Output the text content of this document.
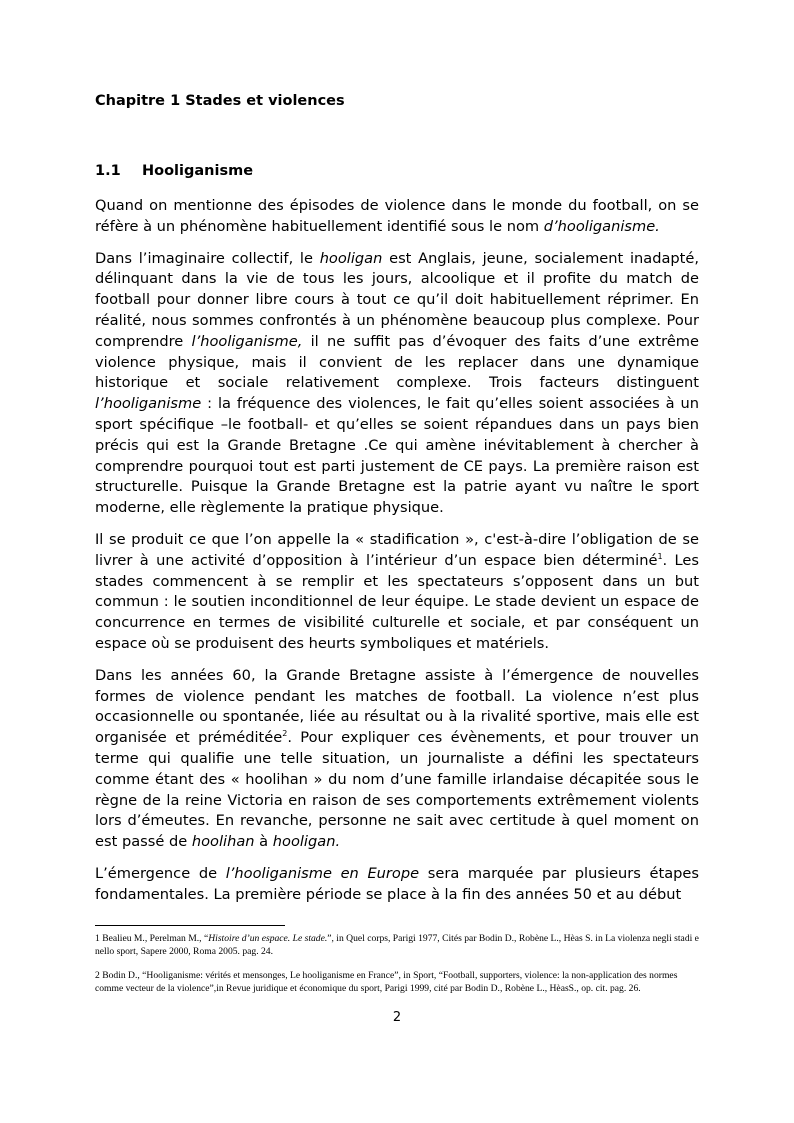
Chapitre 1 Stades et violences
1.1 Hooliganisme

Quand on mentionne des épisodes de violence dans le monde du football, on se réfère à un phénomène habituellement identifié sous le nom d’hooliganisme.

Dans l’imaginaire collectif, le hooligan est Anglais, jeune, socialement inadapté, délinquant dans la vie de tous les jours, alcoolique et il profite du match de football pour donner libre cours à tout ce qu’il doit habituellement réprimer. En réalité, nous sommes confrontés à un phénomène beaucoup plus complexe. Pour comprendre l’hooliganisme, il ne suffit pas d’évoquer des faits d’une extrême violence physique, mais il convient de les replacer dans une dynamique historique et sociale relativement complexe. Trois facteurs distinguent l’hooliganisme : la fréquence des violences, le fait qu’elles soient associées à un sport spécifique –le football- et qu’elles se soient répandues dans un pays bien précis qui est la Grande Bretagne .Ce qui amène inévitablement à chercher à comprendre pourquoi tout est parti justement de CE pays. La première raison est structurelle. Puisque la Grande Bretagne est la patrie ayant vu naître le sport moderne, elle règlemente la pratique physique.

Il se produit ce que l’on appelle la « stadification », c'est-à-dire l’obligation de se livrer à une activité d’opposition à l’intérieur d’un espace bien déterminé$^1$. Les stades commencent à se remplir et les spectateurs s’opposent dans un but commun : le soutien inconditionnel de leur équipe. Le stade devient un espace de concurrence en termes de visibilité culturelle et sociale, et par conséquent un espace où se produisent des heurts symboliques et matériels.

Dans les années 60, la Grande Bretagne assiste à l’émergence de nouvelles formes de violence pendant les matches de football. La violence n’est plus occasionnelle ou spontanée, liée au résultat ou à la rivalité sportive, mais elle est organisée et préméditée$^2$. Pour expliquer ces évènements, et pour trouver un terme qui qualifie une telle situation, un journaliste a défini les spectateurs comme étant des « hoolihan » du nom d’une famille irlandaise décapitée sous le règne de la reine Victoria en raison de ses comportements extrêmement violents lors d’émeutes. En revanche, personne ne sait avec certitude à quel moment on est passé de hoolihan à hooligan.

L’émergence de l’hooliganisme en Europe sera marquée par plusieurs étapes fondamentales. La première période se place à la fin des années 50 et au début

1 Bealieu M., Perelman M., “Histoire d’un espace. Le stade.”, in Quel corps, Parigi 1977, Cités par Bodin D., Robène L., Hèas S. in La violenza negli stadi e nello sport, Sapere 2000, Roma 2005. pag. 24.

2 Bodin D., “Hooliganisme: vérités et mensonges, Le hooliganisme en France”, in Sport, “Football, supporters, violence: la non-application des normes comme vecteur de la violence”,in Revue juridique et économique du sport, Parigi 1999, cité par Bodin D., Robène L., HèasS., op. cit. pag. 26.

2
